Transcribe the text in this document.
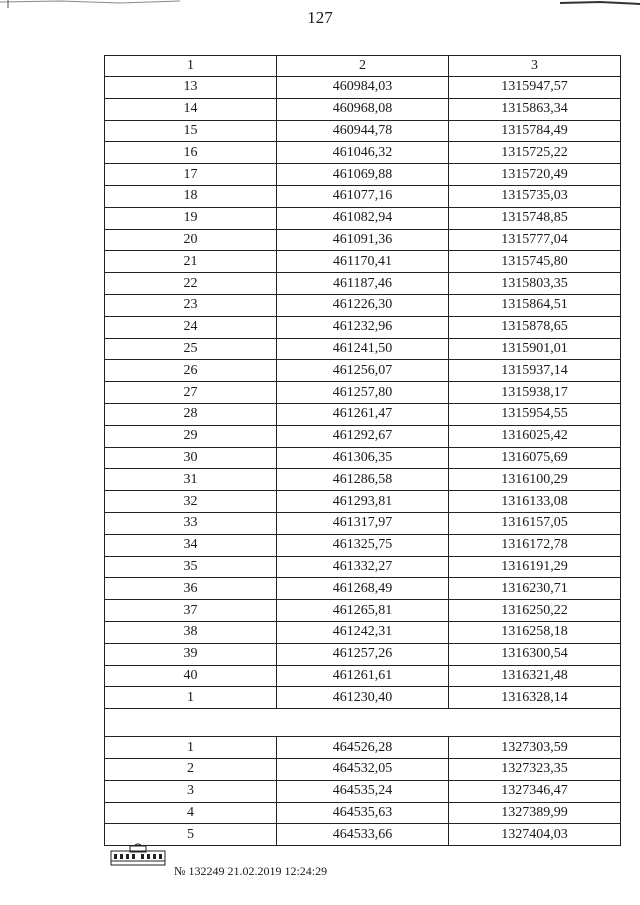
127
1	2	3
13	460984,03	1315947,57
14	460968,08	1315863,34
15	460944,78	1315784,49
16	461046,32	1315725,22
17	461069,88	1315720,49
18	461077,16	1315735,03
19	461082,94	1315748,85
20	461091,36	1315777,04
21	461170,41	1315745,80
22	461187,46	1315803,35
23	461226,30	1315864,51
24	461232,96	1315878,65
25	461241,50	1315901,01
26	461256,07	1315937,14
27	461257,80	1315938,17
28	461261,47	1315954,55
29	461292,67	1316025,42
30	461306,35	1316075,69
31	461286,58	1316100,29
32	461293,81	1316133,08
33	461317,97	1316157,05
34	461325,75	1316172,78
35	461332,27	1316191,29
36	461268,49	1316230,71
37	461265,81	1316250,22
38	461242,31	1316258,18
39	461257,26	1316300,54
40	461261,61	1316321,48
1	461230,40	1316328,14

1	464526,28	1327303,59
2	464532,05	1327323,35
3	464535,24	1327346,47
4	464535,63	1327389,99
5	464533,66	1327404,03
№ 132249 21.02.2019 12:24:29
